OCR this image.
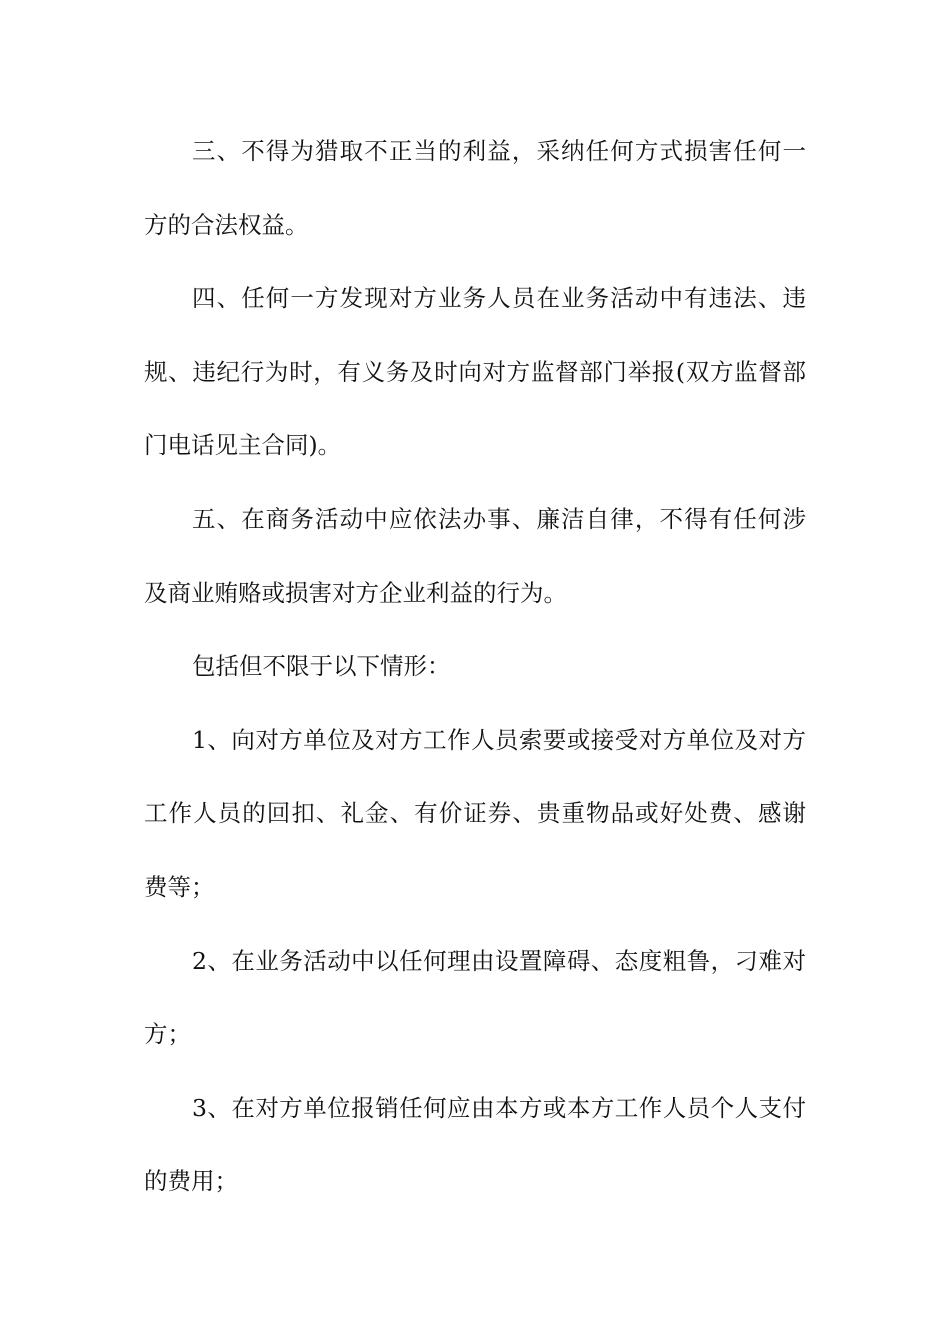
三、不得为猎取不正当的利益，采纳任何方式损害任何一
方的合法权益。
四、任何一方发现对方业务人员在业务活动中有违法、违
规、违纪行为时，有义务及时向对方监督部门举报(双方监督部
门电话见主合同)。
五、在商务活动中应依法办事、廉洁自律，不得有任何涉
及商业贿赂或损害对方企业利益的行为。
包括但不限于以下情形：
1、向对方单位及对方工作人员索要或接受对方单位及对方
工作人员的回扣、礼金、有价证券、贵重物品或好处费、感谢
费等；
2、在业务活动中以任何理由设置障碍、态度粗鲁，刁难对
方；
3、在对方单位报销任何应由本方或本方工作人员个人支付
的费用；
